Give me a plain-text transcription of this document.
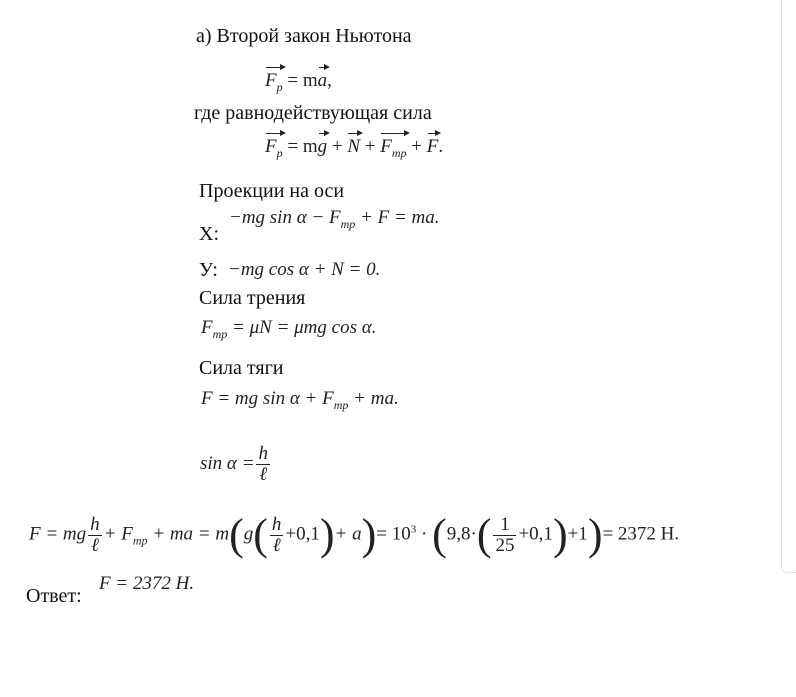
а) Второй закон Ньютона
$F_p$ = ma,
где равнодействующая сила
$F_p$ = mg + $N + F_{тр} + F$.
Проекции на оси
−mg $\sin \alpha - F_{тр} + F$ = ma.
Х:
У: −mg cos α + N = 0.
Сила трения
$F_{тр} = \mu N = \mu mg$ cos α.
Сила тяги
F = mg $\sin \alpha + F_{тр}$ + ma.
$\sin \alpha = \frac{h}{\text{ℓ}}$
F = mg $\frac{h}{\text{ℓ}} + F_{тр}$ + ma = $m(g( \frac{h}{\text{ℓ}} +0,1)+ a)= 10^3 \cdot (9,8\cdot( \frac{1}{25} +0,1)+1)= 2372$ H.
Ответ:
F = 2372 H.
